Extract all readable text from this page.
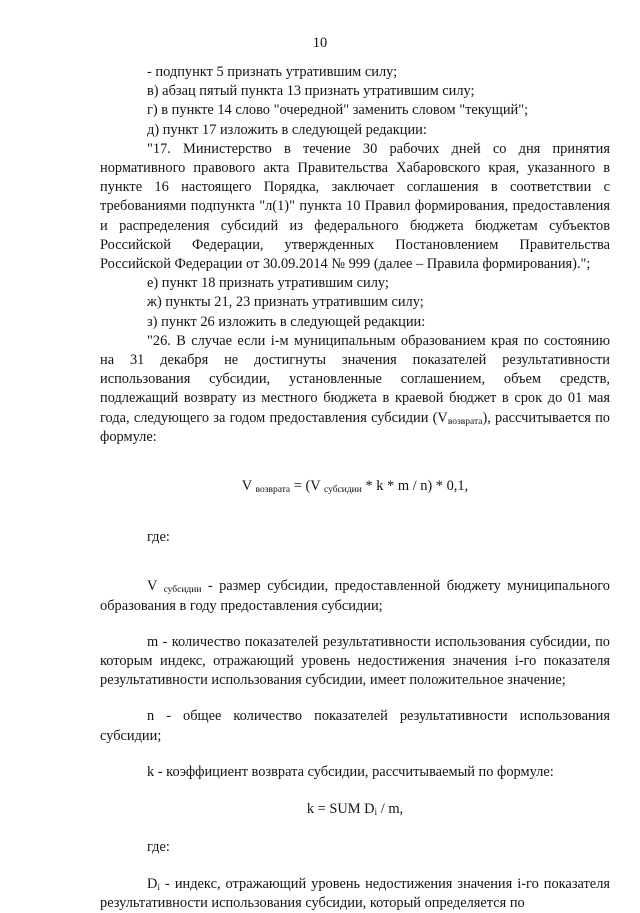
10

- подпункт 5 признать утратившим силу;

в) абзац пятый пункта 13 признать утратившим силу;

г) в пункте 14 слово "очередной" заменить словом "текущий";

д) пункт 17 изложить в следующей редакции:

"17. Министерство в течение 30 рабочих дней со дня принятия нормативного правового акта Правительства Хабаровского края, указанного в пункте 16 настоящего Порядка, заключает соглашения в соответствии с требованиями подпункта "л(1)" пункта 10 Правил формирования, предоставления и распределения субсидий из федерального бюджета бюджетам субъектов Российской Федерации, утвержденных Постановлением Правительства Российской Федерации от 30.09.2014 № 999 (далее – Правила формирования).";

е) пункт 18 признать утратившим силу;

ж) пункты 21, 23 признать утратившим силу;

з) пункт 26 изложить в следующей редакции:

"26. В случае если i-м муниципальным образованием края по состоянию на 31 декабря не достигнуты значения показателей результативности использования субсидии, установленные соглашением, объем средств, подлежащий возврату из местного бюджета в краевой бюджет в срок до 01 мая года, следующего за годом предоставления субсидии $(V_{возврата})$, рассчитывается по формуле:

V $_{возврата}$ = (V $_{субсидии}$ * k * m / n) * 0,1,

где:

V $_{субсидии}$ - размер субсидии, предоставленной бюджету муниципального образования в году предоставления субсидии;

m - количество показателей результативности использования субсидии, по которым индекс, отражающий уровень недостижения значения i-го показателя результативности использования субсидии, имеет положительное значение;

n - общее количество показателей результативности использования субсидии;

k - коэффициент возврата субсидии, рассчитываемый по формуле:

k = SUM $D_i$ / m,

где:

$D_i$ - индекс, отражающий уровень недостижения значения i-го показателя результативности использования субсидии, который определяется по
